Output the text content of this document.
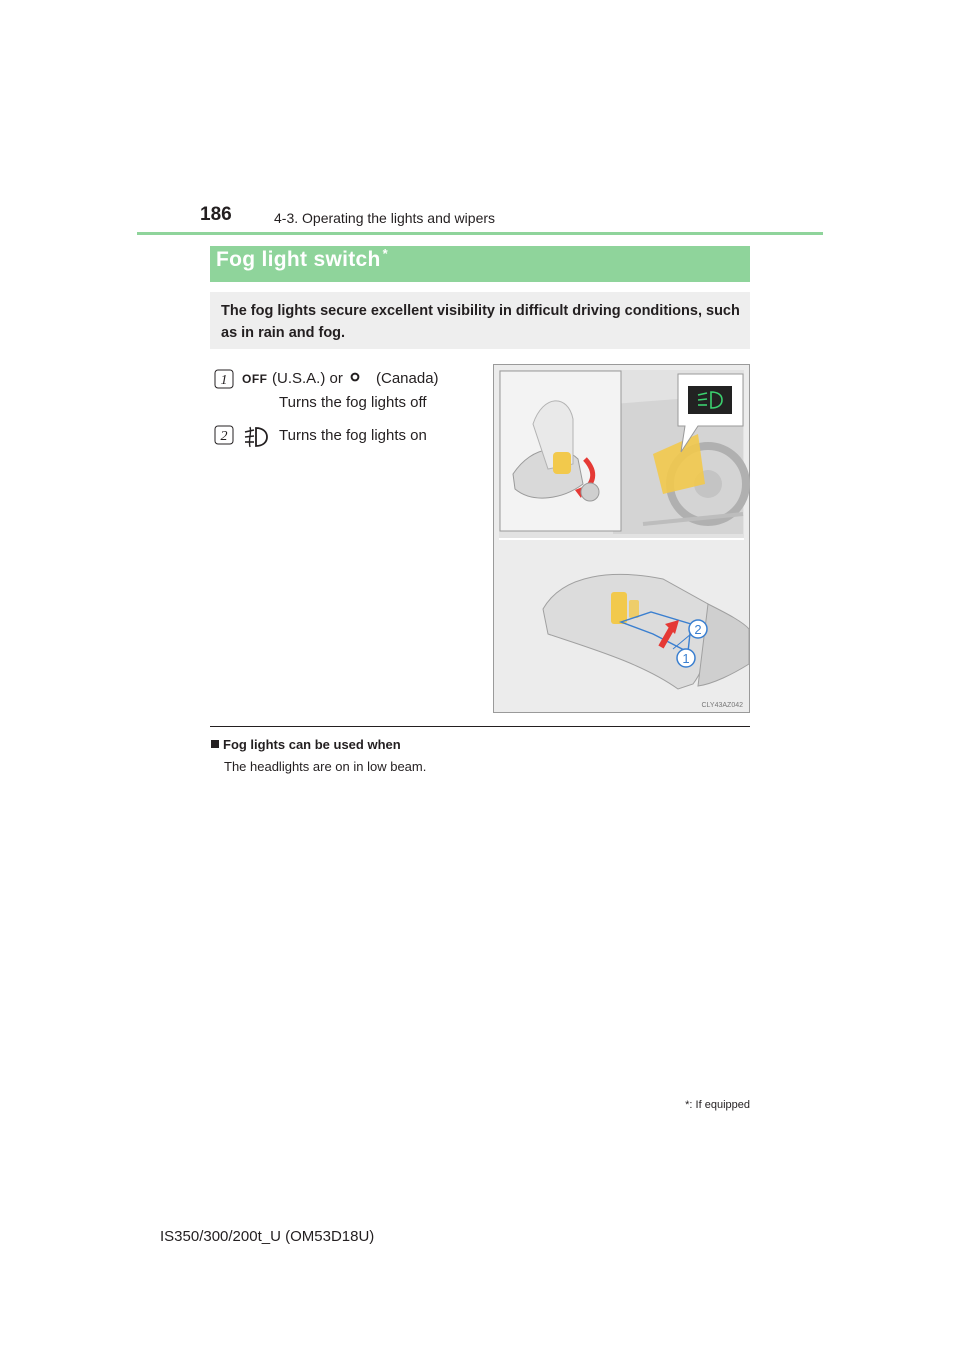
186	4-3. Operating the lights and wipers
Fog light switch *
The fog lights secure excellent visibility in difficult driving conditions, such as in rain and fog.
1 OFF (U.S.A.) or (Canada)
Turns the fog lights off
2	Turns the fog lights on
2
1
CLY43AZ042
Fog lights can be used when
The headlights are on in low beam.
*: If equipped
IS350/300/200t_U (OM53D18U)
